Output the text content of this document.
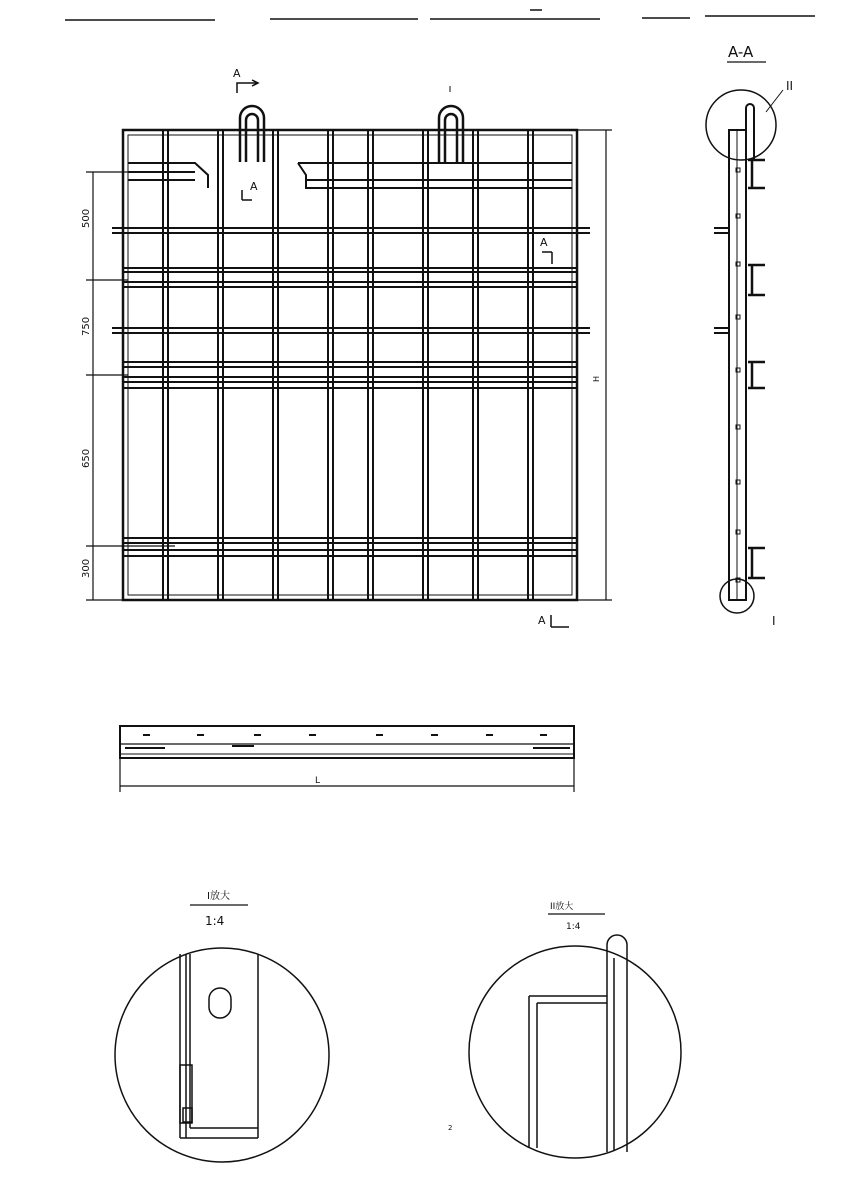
500
750
650
300
H
A
A
A
A
A-A
II
I
L
I放大
1:4
II放大
1:4
2
